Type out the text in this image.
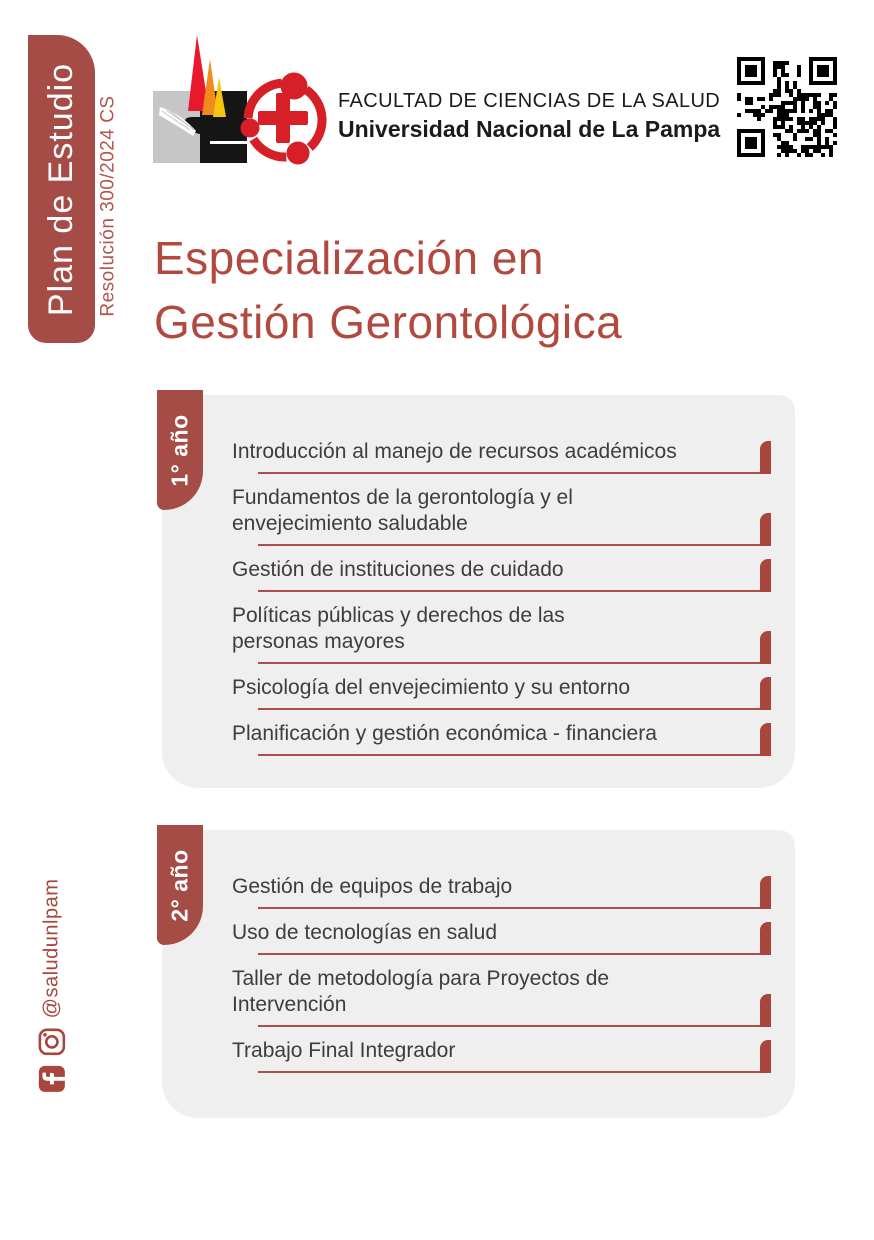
Plan de Estudio Resolución 300/2024 CS	FACULTAD DE CIENCIAS DE LA SALUD
Universidad Nacional de La Pampa
Especialización en
Gestión Gerontológica
1° año Introducción al manejo de recursos académicos
Fundamentos de la gerontología y el
envejecimiento saludable
Gestión de instituciones de cuidado
Políticas públicas y derechos de las
personas mayores
Psicología del envejecimiento y su entorno
Planificación y gestión económica - financiera
2° año Gestión de equipos de trabajo
Uso de tecnologías en salud
Taller de metodología para Proyectos de
Intervención
Trabajo Final Integrador
@saludunlpam
